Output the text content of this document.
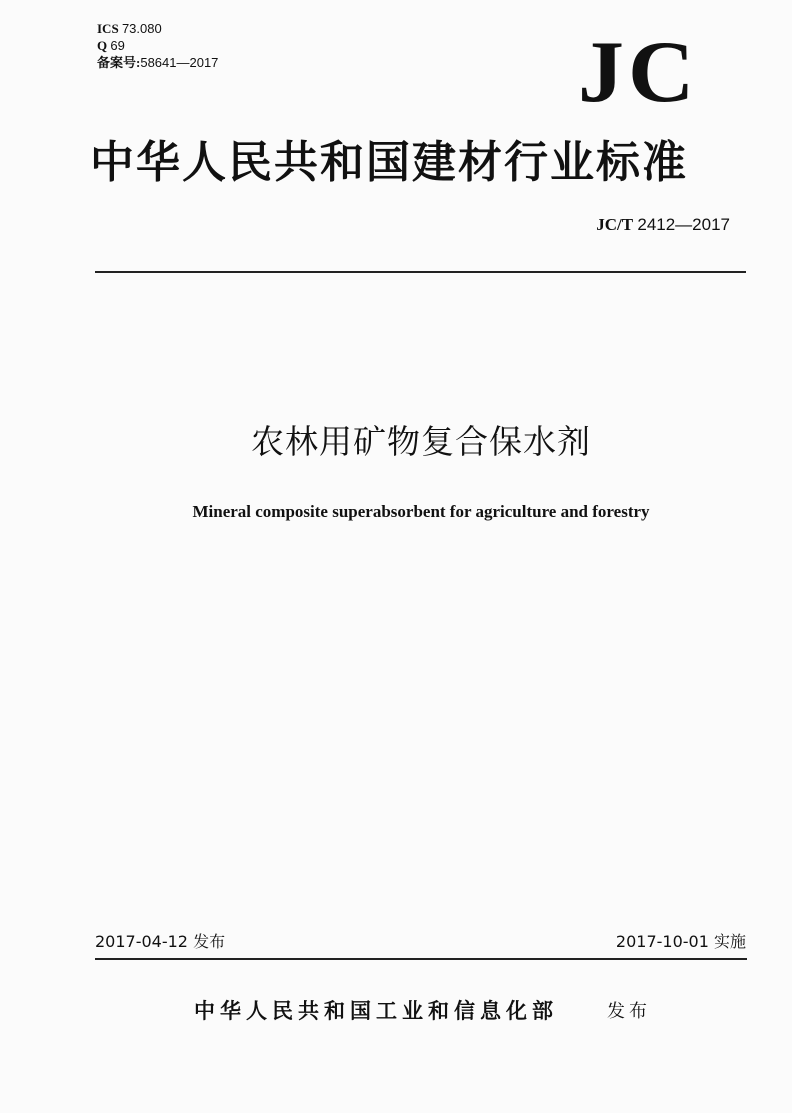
ICS 73.080
Q 69
备案号:58641—2017	JC
中华人民共和国建材行业标准
JC/T 2412—2017
农林用矿物复合保水剂
Mineral composite superabsorbent for agriculture and forestry
2017-04-12 发布	2017-10-01 实施
中华人民共和国工业和信息化部	发布
